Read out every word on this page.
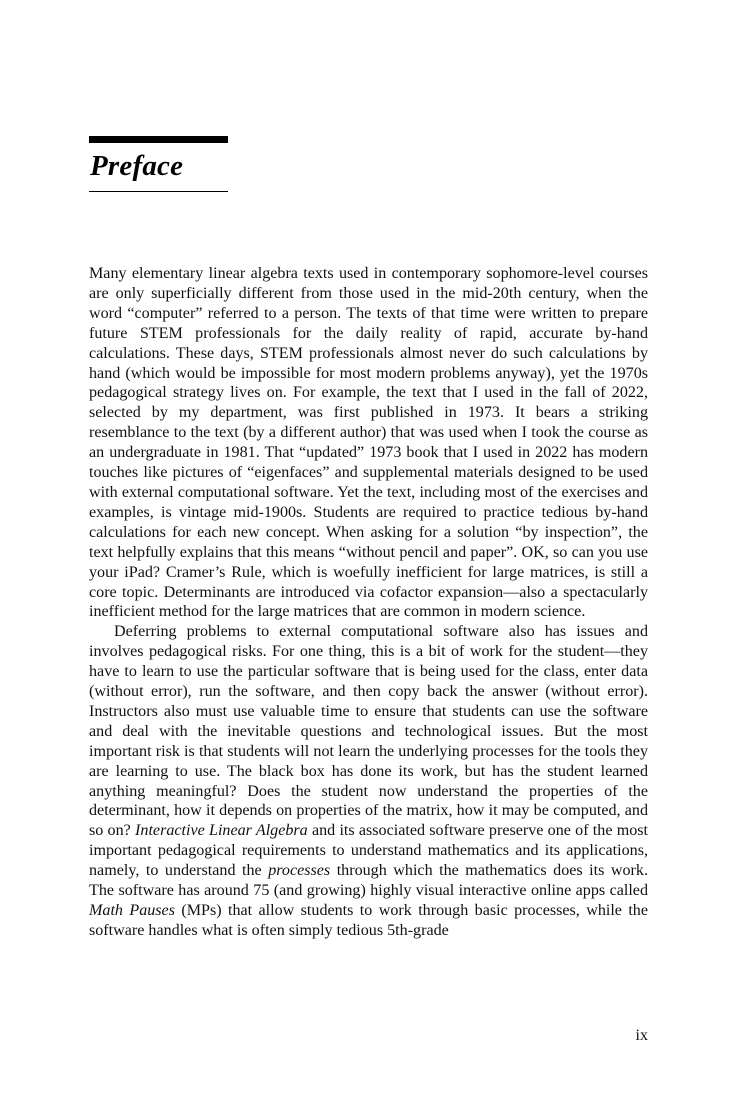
Preface

Many elementary linear algebra texts used in contemporary sophomore-level courses are only superficially different from those used in the mid-20th century, when the word “computer” referred to a person. The texts of that time were written to prepare future STEM professionals for the daily reality of rapid, accurate by-hand calculations. These days, STEM professionals almost never do such calculations by hand (which would be impossible for most modern problems anyway), yet the 1970s pedagogical strategy lives on. For example, the text that I used in the fall of 2022, selected by my department, was first published in 1973. It bears a striking resemblance to the text (by a different author) that was used when I took the course as an undergraduate in 1981. That “updated” 1973 book that I used in 2022 has modern touches like pictures of “eigenfaces” and supplemental materials designed to be used with external computational software. Yet the text, including most of the exercises and examples, is vintage mid-1900s. Students are required to practice tedious by-hand calculations for each new concept. When asking for a solution “by inspection”, the text helpfully explains that this means “without pencil and paper”. OK, so can you use your iPad? Cramer’s Rule, which is woefully inefficient for large matrices, is still a core topic. Determinants are introduced via cofactor expansion—also a spectacularly inefficient method for the large matrices that are common in modern science.

Deferring problems to external computational software also has issues and involves pedagogical risks. For one thing, this is a bit of work for the student—they have to learn to use the particular software that is being used for the class, enter data (without error), run the software, and then copy back the answer (without error). Instructors also must use valuable time to ensure that students can use the software and deal with the inevitable questions and technological issues. But the most important risk is that students will not learn the underlying processes for the tools they are learning to use. The black box has done its work, but has the student learned anything meaningful? Does the student now understand the properties of the determinant, how it depends on properties of the matrix, how it may be computed, and so on? Interactive Linear Algebra and its associated software preserve one of the most important pedagogical requirements to understand mathematics and its applications, namely, to understand the processes through which the mathematics does its work. The software has around 75 (and growing) highly visual interactive online apps called Math Pauses (MPs) that allow students to work through basic processes, while the software handles what is often simply tedious 5th-grade

ix
